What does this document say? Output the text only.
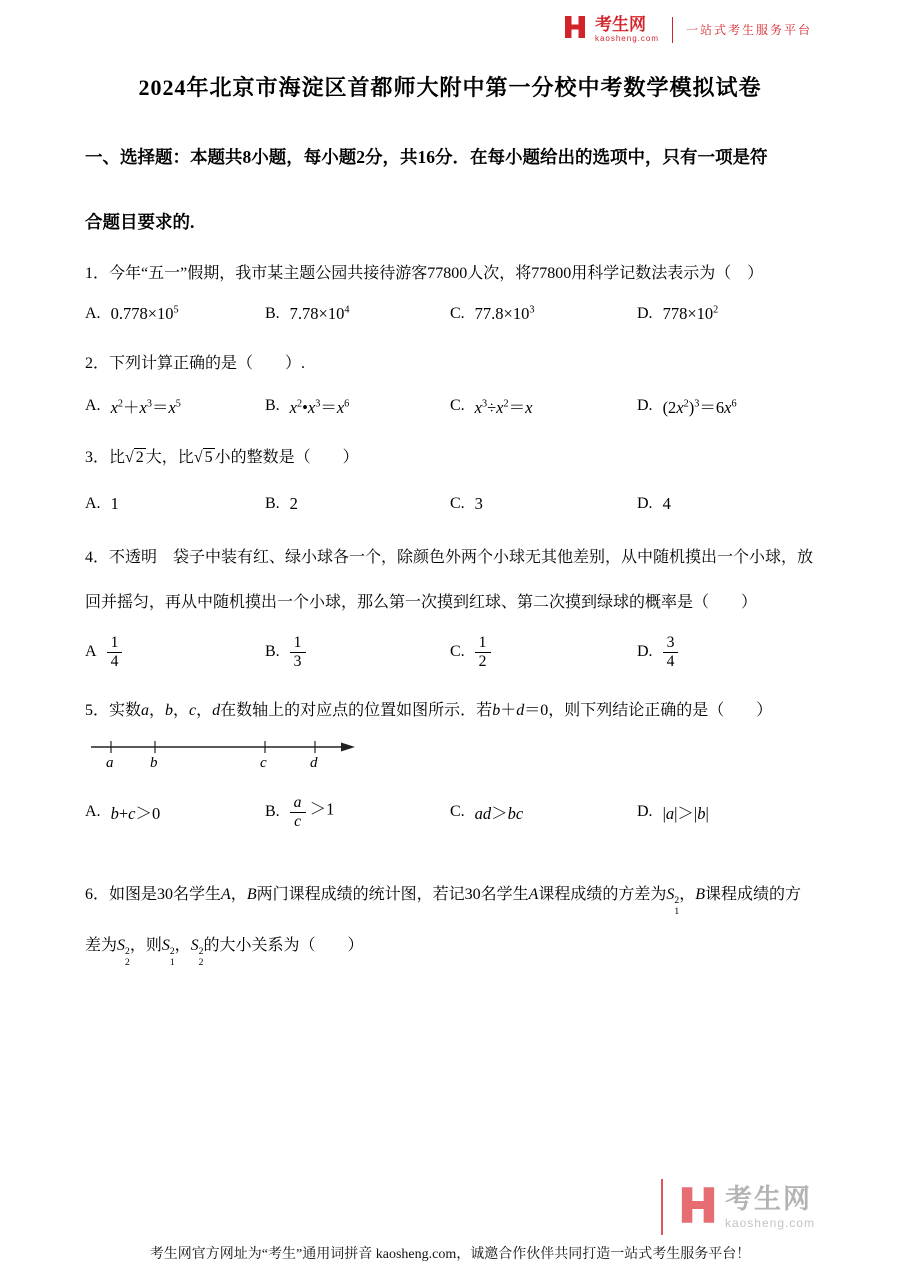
考生网
kaosheng.com
一站式考生服务平台
2024年北京市海淀区首都师大附中第一分校中考数学模拟试卷

一、选择题：本题共8小题，每小题2分，共16分．在每小题给出的选项中，只有一项是符

合题目要求的.

1．今年“五一”假期，我市某主题公园共接待游客77800人次，将77800用科学记数法表示为（　）

A. $0.778\times 10^5$	B. $7.78\times 10^4$	C. $77.8\times 10^3$	D. $778\times 10^2$

2．下列计算正确的是（　　）.

A. $x^2+x^3=x^5$	B. $x^2•x^3=x^6$	C. $x^3\div x^2=x$	D. $(2x^2)^3=6x^6$

3．比√ 2 大，比√ 5 小的整数是（　　）

A. 1	B. 2	C. 3	D. 4

4．不透明　袋子中装有红、绿小球各一个，除颜色外两个小球无其他差别，从中随机摸出一个小球，放回并摇匀，再从中随机摸出一个小球，那么第一次摸到红球、第二次摸到绿球的概率是（　　）

A $\frac{1}{4}$	B. $\frac{1}{3}$	C. $\frac{1}{2}$	D. $\frac{3}{4}$

5．实数a，b，c，d在数轴上的对应点的位置如图所示．若b＋d＝0，则下列结论正确的是（　　）

a b	c	d
A. b+c＞0	B. $\frac{a}{c} >1$	C. ad＞bc	D. |a|＞|b|

6．如图是30名学生A，B两门课程成绩的统计图，若记30名学生A课程成绩的方差为S 2
1
，B课程成绩的方差为S 2
2
，则S 2
1
，S 2
2
的大小关系为（　　）

考生网
kaosheng.com
考生网官方网址为“考生”通用词拼音 kaosheng.com，诚邀合作伙伴共同打造一站式考生服务平台！
